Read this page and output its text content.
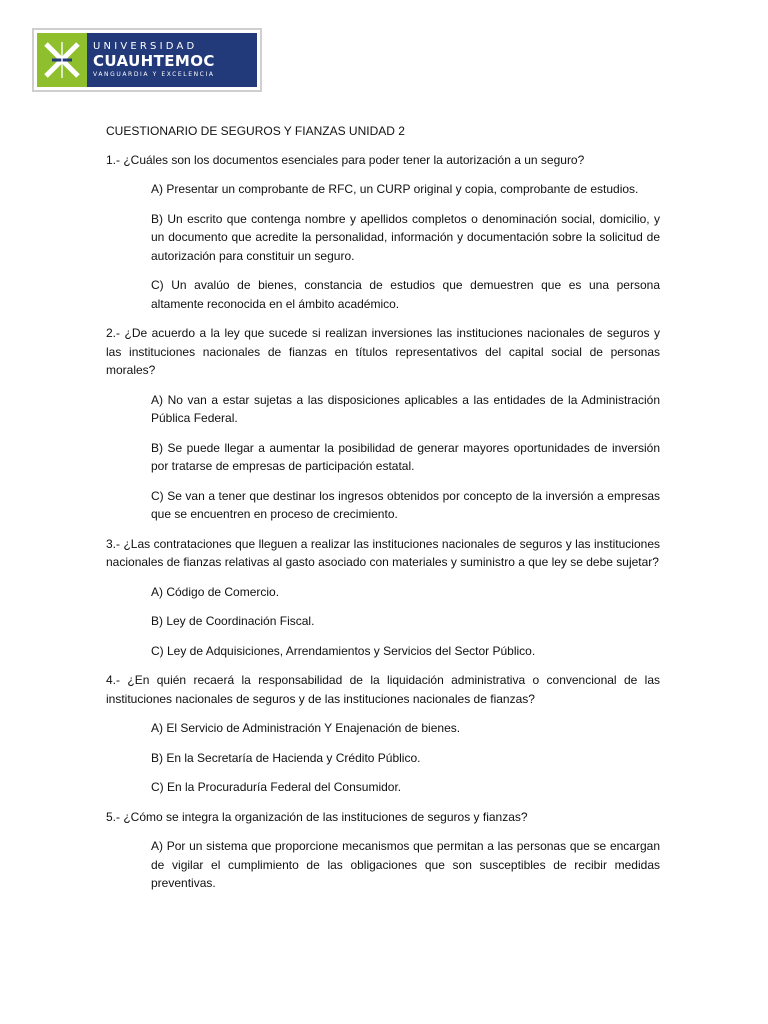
UNIVERSIDAD
CUAUHTEMOC
VANGUARDIA Y EXCELENCIA

CUESTIONARIO DE SEGUROS Y FIANZAS UNIDAD 2

1.- ¿Cuáles son los documentos esenciales para poder tener la autorización a un seguro?

A) Presentar un comprobante de RFC, un CURP original y copia, comprobante de estudios.

B) Un escrito que contenga nombre y apellidos completos o denominación social, domicilio, y un documento que acredite la personalidad, información y documentación sobre la solicitud de autorización para constituir un seguro.

C) Un avalúo de bienes, constancia de estudios que demuestren que es una persona altamente reconocida en el ámbito académico.

2.- ¿De acuerdo a la ley que sucede si realizan inversiones las instituciones nacionales de seguros y las instituciones nacionales de fianzas en títulos representativos del capital social de personas morales?

A) No van a estar sujetas a las disposiciones aplicables a las entidades de la Administración Pública Federal.

B) Se puede llegar a aumentar la posibilidad de generar mayores oportunidades de inversión por tratarse de empresas de participación estatal.

C) Se van a tener que destinar los ingresos obtenidos por concepto de la inversión a empresas que se encuentren en proceso de crecimiento.

3.- ¿Las contrataciones que lleguen a realizar las instituciones nacionales de seguros y las instituciones nacionales de fianzas relativas al gasto asociado con materiales y suministro a que ley se debe sujetar?

A) Código de Comercio.

B) Ley de Coordinación Fiscal.

C) Ley de Adquisiciones, Arrendamientos y Servicios del Sector Público.

4.- ¿En quién recaerá la responsabilidad de la liquidación administrativa o convencional de las instituciones nacionales de seguros y de las instituciones nacionales de fianzas?

A) El Servicio de Administración Y Enajenación de bienes.

B) En la Secretaría de Hacienda y Crédito Público.

C) En la Procuraduría Federal del Consumidor.

5.- ¿Cómo se integra la organización de las instituciones de seguros y fianzas?

A) Por un sistema que proporcione mecanismos que permitan a las personas que se encargan de vigilar el cumplimiento de las obligaciones que son susceptibles de recibir medidas preventivas.
